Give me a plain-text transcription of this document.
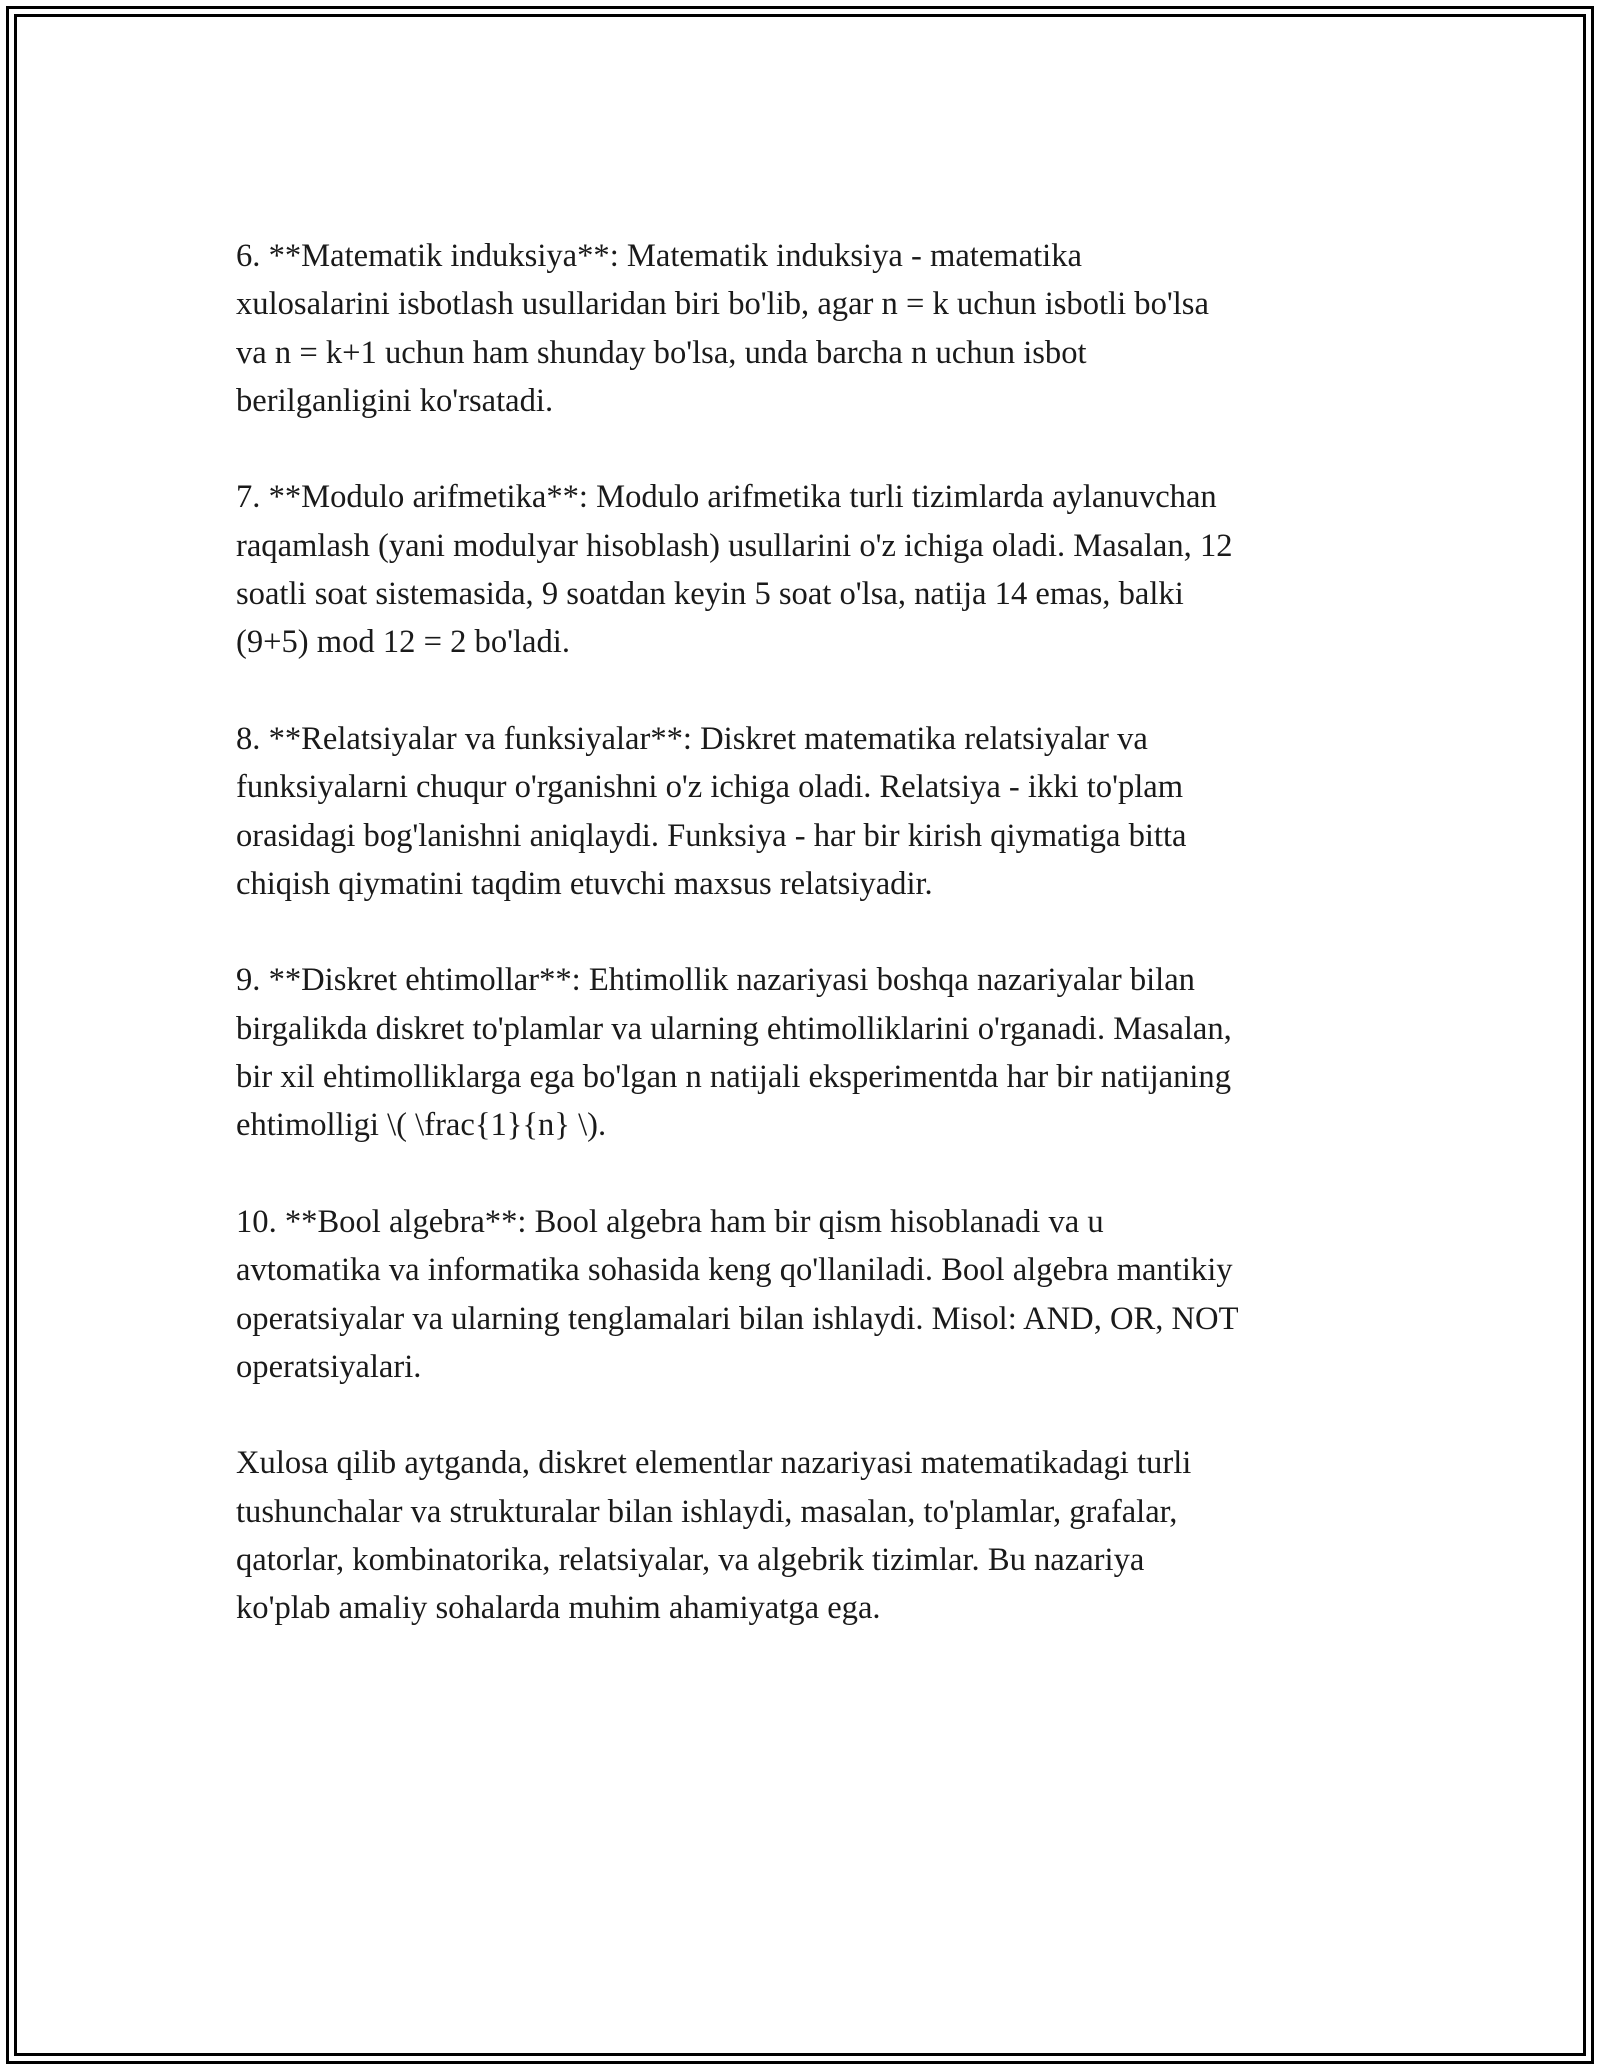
6. **Matematik induksiya**: Matematik induksiya - matematika
xulosalarini isbotlash usullaridan biri bo'lib, agar n = k uchun isbotli bo'lsa
va n = k+1 uchun ham shunday bo'lsa, unda barcha n uchun isbot
berilganligini ko'rsatadi.

7. **Modulo arifmetika**: Modulo arifmetika turli tizimlarda aylanuvchan
raqamlash (yani modulyar hisoblash) usullarini o'z ichiga oladi. Masalan, 12
soatli soat sistemasida, 9 soatdan keyin 5 soat o'lsa, natija 14 emas, balki
(9+5) mod 12 = 2 bo'ladi.

8. **Relatsiyalar va funksiyalar**: Diskret matematika relatsiyalar va
funksiyalarni chuqur o'rganishni o'z ichiga oladi. Relatsiya - ikki to'plam
orasidagi bog'lanishni aniqlaydi. Funksiya - har bir kirish qiymatiga bitta
chiqish qiymatini taqdim etuvchi maxsus relatsiyadir.

9. **Diskret ehtimollar**: Ehtimollik nazariyasi boshqa nazariyalar bilan
birgalikda diskret to'plamlar va ularning ehtimolliklarini o'rganadi. Masalan,
bir xil ehtimolliklarga ega bo'lgan n natijali eksperimentda har bir natijaning
ehtimolligi \( \frac{1}{n} \).

10. **Bool algebra**: Bool algebra ham bir qism hisoblanadi va u
avtomatika va informatika sohasida keng qo'llaniladi. Bool algebra mantikiy
operatsiyalar va ularning tenglamalari bilan ishlaydi. Misol: AND, OR, NOT
operatsiyalari.

Xulosa qilib aytganda, diskret elementlar nazariyasi matematikadagi turli
tushunchalar va strukturalar bilan ishlaydi, masalan, to'plamlar, grafalar,
qatorlar, kombinatorika, relatsiyalar, va algebrik tizimlar. Bu nazariya
ko'plab amaliy sohalarda muhim ahamiyatga ega.
